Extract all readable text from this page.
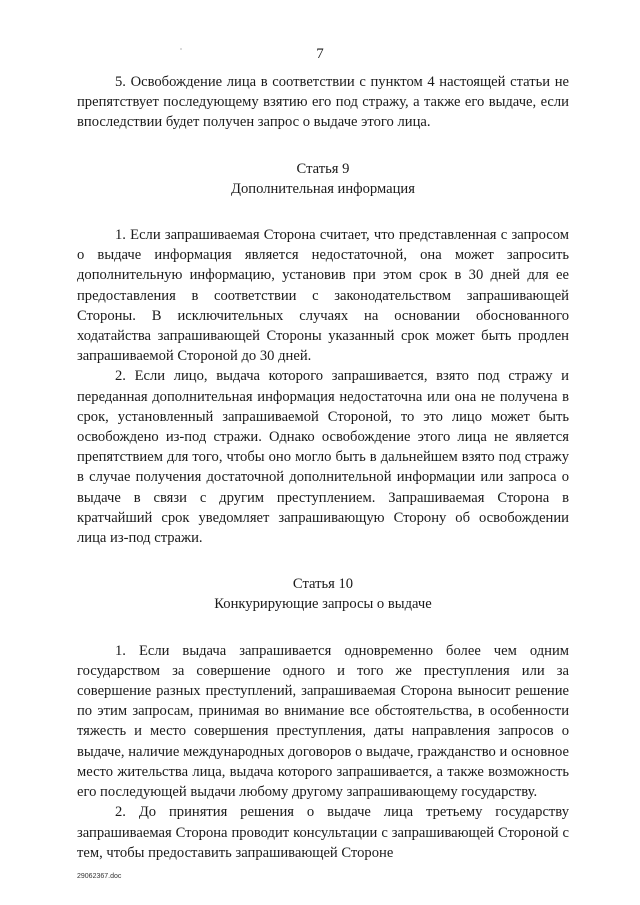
7

5. Освобождение лица в соответствии с пунктом 4 настоящей статьи не препятствует последующему взятию его под стражу, а также его выдаче, если впоследствии будет получен запрос о выдаче этого лица.

Статья 9

Дополнительная информация

1. Если запрашиваемая Сторона считает, что представленная с запросом о выдаче информация является недостаточной, она может запросить дополнительную информацию, установив при этом срок в 30 дней для ее предоставления в соответствии с законодательством запрашивающей Стороны. В исключительных случаях на основании обоснованного ходатайства запрашивающей Стороны указанный срок может быть продлен запрашиваемой Стороной до 30 дней.

2. Если лицо, выдача которого запрашивается, взято под стражу и переданная дополнительная информация недостаточна или она не получена в срок, установленный запрашиваемой Стороной, то это лицо может быть освобождено из-под стражи. Однако освобождение этого лица не является препятствием для того, чтобы оно могло быть в дальнейшем взято под стражу в случае получения достаточной дополнительной информации или запроса о выдаче в связи с другим преступлением. Запрашиваемая Сторона в кратчайший срок уведомляет запрашивающую Сторону об освобождении лица из-под стражи.

Статья 10

Конкурирующие запросы о выдаче

1. Если выдача запрашивается одновременно более чем одним государством за совершение одного и того же преступления или за совершение разных преступлений, запрашиваемая Сторона выносит решение по этим запросам, принимая во внимание все обстоятельства, в особенности тяжесть и место совершения преступления, даты направления запросов о выдаче, наличие международных договоров о выдаче, гражданство и основное место жительства лица, выдача которого запрашивается, а также возможность его последующей выдачи любому другому запрашивающему государству.

2. До принятия решения о выдаче лица третьему государству запрашиваемая Сторона проводит консультации с запрашивающей Стороной с тем, чтобы предоставить запрашивающей Стороне

29062367.doc
